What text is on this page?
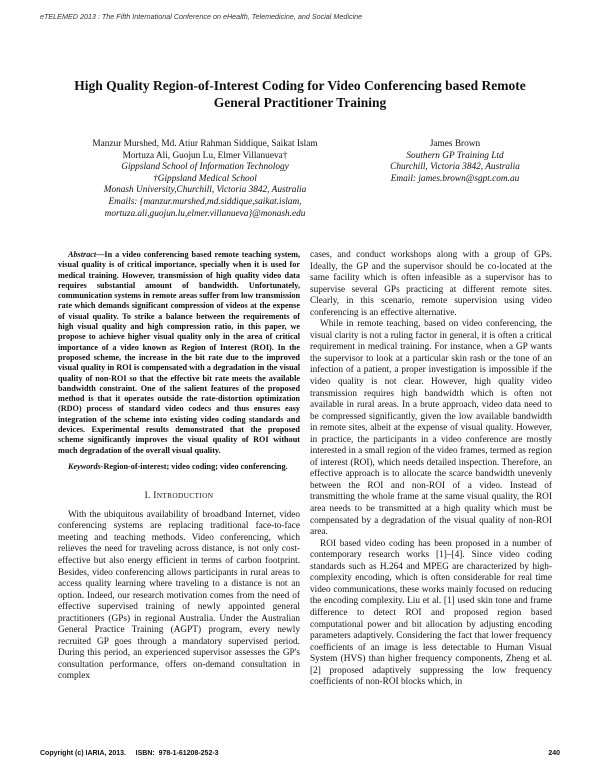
eTELEMED 2013 : The Fifth International Conference on eHealth, Telemedicine, and Social Medicine
High Quality Region-of-Interest Coding for Video Conferencing based Remote
General Practitioner Training
Manzur Murshed, Md. Atiur Rahman Siddique, Saikat Islam
Mortuza Ali, Guojun Lu, Elmer Villanueva†
Gippsland School of Information Technology
†Gippsland Medical School
Monash University,Churchill, Victoria 3842, Australia
Emails: {manzur.murshed,md.siddique,saikat.islam,
mortuza.ali,guojun.lu,elmer.villanueva}@monash.edu
James Brown
Southern GP Training Ltd
Churchill, Victoria 3842, Australia
Email: james.brown@sgpt.com.au
Abstract—In a video conferencing based remote teaching system, visual quality is of critical importance, specially when it is used for medical training. However, transmission of high quality video data requires substantial amount of bandwidth. Unfortunately, communication systems in remote areas suffer from low transmission rate which demands significant compression of videos at the expense of visual quality. To strike a balance between the requirements of high visual quality and high compression ratio, in this paper, we propose to achieve higher visual quality only in the area of critical importance of a video known as Region of Interest (ROI). In the proposed scheme, the increase in the bit rate due to the improved visual quality in ROI is compensated with a degradation in the visual quality of non-ROI so that the effective bit rate meets the available bandwidth constraint. One of the salient features of the proposed method is that it operates outside the rate-distortion optimization (RDO) process of standard video codecs and thus ensures easy integration of the scheme into existing video coding standards and devices. Experimental results demonstrated that the proposed scheme significantly improves the visual quality of ROI without much degradation of the overall visual quality.
Keywords-Region-of-interest; video coding; video conferencing.
I. INTRODUCTION

With the ubiquitous availability of broadband Internet, video conferencing systems are replacing traditional face-to-face meeting and teaching methods. Video conferencing, which relieves the need for traveling across distance, is not only cost-effective but also energy efficient in terms of carbon footprint. Besides, video conferencing allows participants in rural areas to access quality learning where traveling to a distance is not an option. Indeed, our research motivation comes from the need of effective supervised training of newly appointed general practitioners (GPs) in regional Australia. Under the Australian General Practice Training (AGPT) program, every newly recruited GP goes through a mandatory supervised period. During this period, an experienced supervisor assesses the GP's consultation performance, offers on-demand consultation in complex

cases, and conduct workshops along with a group of GPs. Ideally, the GP and the supervisor should be co-located at the same facility which is often infeasible as a supervisor has to supervise several GPs practicing at different remote sites. Clearly, in this scenario, remote supervision using video conferencing is an effective alternative.

While in remote teaching, based on video conferencing, the visual clarity is not a ruling factor in general, it is often a critical requirement in medical training. For instance, when a GP wants the supervisor to look at a particular skin rash or the tone of an infection of a patient, a proper investigation is impossible if the video quality is not clear. However, high quality video transmission requires high bandwidth which is often not available in rural areas. In a brute approach, video data need to be compressed significantly, given the low available bandwidth in remote sites, albeit at the expense of visual quality. However, in practice, the participants in a video conference are mostly interested in a small region of the video frames, termed as region of interest (ROI), which needs detailed inspection. Therefore, an effective approach is to allocate the scarce bandwidth unevenly between the ROI and non-ROI of a video. Instead of transmitting the whole frame at the same visual quality, the ROI area needs to be transmitted at a high quality which must be compensated by a degradation of the visual quality of non-ROI area.

ROI based video coding has been proposed in a number of contemporary research works [1]–[4]. Since video coding standards such as H.264 and MPEG are characterized by high-complexity encoding, which is often considerable for real time video communications, these works mainly focused on reducing the encoding complexity. Liu et al. [1] used skin tone and frame difference to detect ROI and proposed region based computational power and bit allocation by adjusting encoding parameters adaptively. Considering the fact that lower frequency coefficients of an image is less detectable to Human Visual System (HVS) than higher frequency components, Zheng et al. [2] proposed adaptively suppressing the low frequency coefficients of non-ROI blocks which, in

Copyright (c) IARIA, 2013.     ISBN:  978-1-61208-252-3	240
